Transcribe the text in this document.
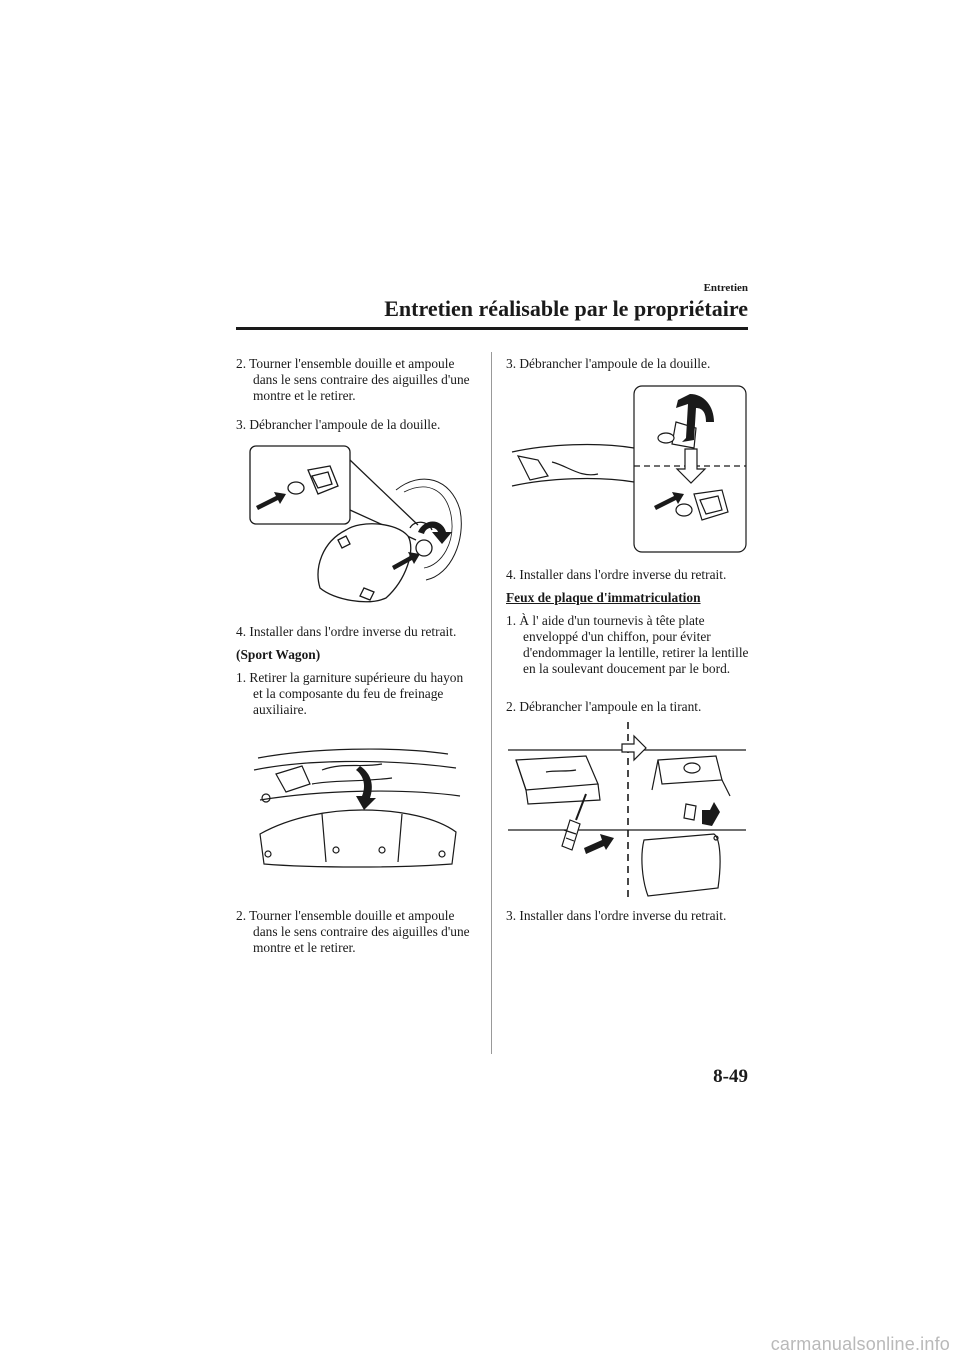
Entretien
Entretien réalisable par le propriétaire

2. Tourner l'ensemble douille et ampoule dans le sens contraire des aiguilles d'une montre et le retirer.

3. Débrancher l'ampoule de la douille.

4. Installer dans l'ordre inverse du retrait.

(Sport Wagon)

1. Retirer la garniture supérieure du hayon et la composante du feu de freinage auxiliaire.

2. Tourner l'ensemble douille et ampoule dans le sens contraire des aiguilles d'une montre et le retirer.

3. Débrancher l'ampoule de la douille.

4. Installer dans l'ordre inverse du retrait.

Feux de plaque d'immatriculation

1. À l' aide d'un tournevis à tête plate enveloppé d'un chiffon, pour éviter d'endommager la lentille, retirer la lentille en la soulevant doucement par le bord.

2. Débrancher l'ampoule en la tirant.

3. Installer dans l'ordre inverse du retrait.

8-49
carmanualsonline.info
